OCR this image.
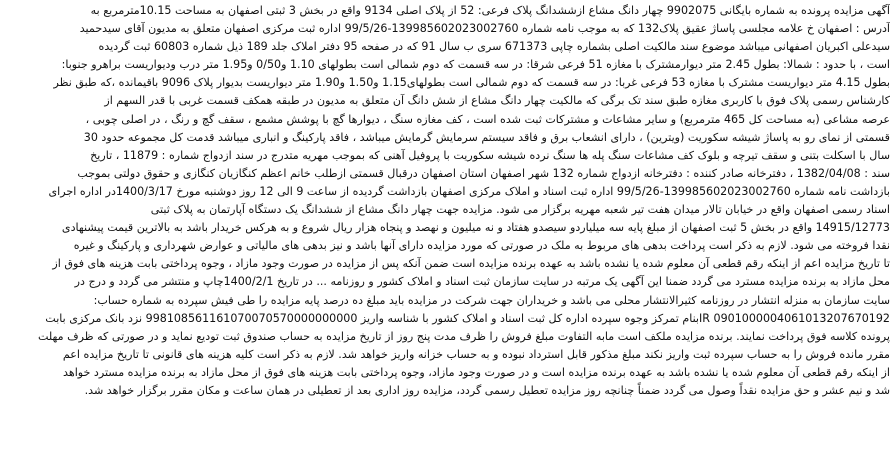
آگهی مزایده پرونده به شماره بایگانی 9902075 چهار دانگ مشاع ازششدانگ پلاک فرعی: 52 از پلاک اصلی 9134 واقع در بخش 3 ثبتی اصفهان به مساحت 10.15مترمربع به
آدرس : اصفهان خ علامه مجلسی پاساژ عقیق پلاک132 که به موجب نامه شماره 139985602023002760-99/5/26 اداره ثبت مرکزی اصفهان متعلق به مدیون آقای سیدحمید
سیدعلی اکبریان اصفهانی میباشد موضوع سند مالکیت اصلی بشماره چاپی 671373 سری ب سال 91 که در صفحه 95 دفتر املاک جلد 189 ذیل شماره 60803 ثبت گردیده
است ، با حدود : شمالا: بطول 2.45 متر دیوارمشترک با مغازه 51 فرعی شرقا: در سه قسمت که دوم شمالی است بطولهای 1.10 و0/50 و1.95 متر درب ودیواریست براهرو جنوبا:
بطول 4.15 متر دیواریست مشترک با مغازه 53 فرعی غربا: در سه قسمت که دوم شمالی است بطولهای1.15 و1.50 و1.90 متر دیواریست بدیوار پلاک 9096 باقیمانده ،که طبق نظر
کارشناس رسمی پلاک فوق با کاربری مغازه طبق سند تک برگی که مالکیت چهار دانگ مشاع از شش دانگ آن متعلق به مدیون در طبقه همکف قسمت غربی با قدر السهم از
عرصه مشاعی (به مساحت کل 465 مترمربع) و سایر مشاعات و مشترکات ثبت شده است ، کف مغازه سنگ ، دیوارها گچ با پوشش مشمع ، سقف گچ و رنگ ، در اصلی چوبی ،
قسمتی از نمای رو به پاساژ شیشه سکوریت (ویترین) ، دارای انشعاب برق و فاقد سیستم سرمایش گرمایش میباشد ، فاقد پارکینگ و انباری میباشد قدمت کل مجموعه حدود 30
سال با اسکلت بتنی و سقف تیرچه و بلوک کف مشاعات سنگ پله ها سنگ نرده شیشه سکوریت با پروفیل آهنی که بموجب مهریه متدرج در سند ازدواج شماره : 11879 ، تاریخ
سند : 1382/04/08 ، دفترخانه صادر کننده : دفترخانه ازدواج شماره 132 شهر اصفهان استان اصفهان درقبال قسمتی ازطلب خانم اعظم کنگازیان کنگازی و حقوق دولتی بموجب
بازداشت نامه شماره 139985602023002760-99/5/26 اداره ثبت اسناد و املاک مرکزی اصفهان بازداشت گردیده از ساعت 9 الی 12 روز دوشنبه مورخ 1400/3/17در اداره اجرای
اسناد رسمی اصفهان واقع در خیابان تالار میدان هفت تیر شعبه مهریه برگزار می شود. مزایده جهت چهار دانگ مشاع از ششدانگ یک دستگاه آپارتمان به پلاک ثبتی
14915/12773 واقع در بخش 5 ثبت اصفهان از مبلغ پایه سه میلیاردو سیصدو هفتاد و نه میلیون و نهصد و پنجاه هزار ریال شروع و به هرکس خریدار باشد به بالاترین قیمت پیشنهادی
نقدا فروخته می شود. لازم به ذکر است پرداخت بدهی های مربوط به ملک در صورتی که مورد مزایده دارای آنها باشد و نیز بدهی های مالیاتی و عوارض شهرداری و پارکینگ و غیره
تا تاریخ مزایده اعم از اینکه رقم قطعی آن معلوم شده یا نشده باشد به عهده برنده مزایده است ضمن آنکه پس از مزایده در صورت وجود مازاد ، وجوه پرداختی بابت هزینه های فوق از
محل مازاد به برنده مزایده مسترد می گردد ضمنا این آگهی یک مرتبه در سایت سازمان ثبت اسناد و املاک کشور و روزنامه ... در تاریخ 1400/2/1چاپ و منتشر می گردد و درج در
سایت سازمان به منزله انتشار در روزنامه کثیرالانتشار محلی می باشد و خریداران جهت شرکت در مزایده باید مبلغ ده درصد پایه مزایده را طی فیش سپرده به شماره حساب:
0901000004061013207670192 IRبنام تمرکز وجوه سپرده اداره کل ثبت اسناد و املاک کشور با شناسه واریز 998108561161070070570000000000 نزد بانک مرکزی بابت
پرونده کلاسه فوق پرداخت نمایند. برنده مزایده ملکف است مابه التفاوت مبلغ فروش را ظرف مدت پنج روز از تاریخ مزایده به حساب صندوق ثبت تودیع نماید و در صورتی که ظرف مهلت
مقرر مانده فروش را به حساب سپرده ثبت واریز نکند مبلغ مذکور قابل استرداد نبوده و به حساب خزانه واریز خواهد شد. لازم به ذکر است کلیه هزینه های قانونی تا تاریخ مزایده اعم
از اینکه رقم قطعی آن معلوم شده یا نشده باشد به عهده برنده مزایده است و در صورت وجود مازاد، وجوه پرداختی بابت هزینه های فوق از محل مازاد به برنده مزایده مسترد خواهد
شد و نیم عشر و حق مزایده نقداً وصول می گردد ضمناً چنانچه روز مزایده تعطیل رسمی گردد، مزایده روز اداری بعد از تعطیلی در همان ساعت و مکان مقرر برگزار خواهد شد.
